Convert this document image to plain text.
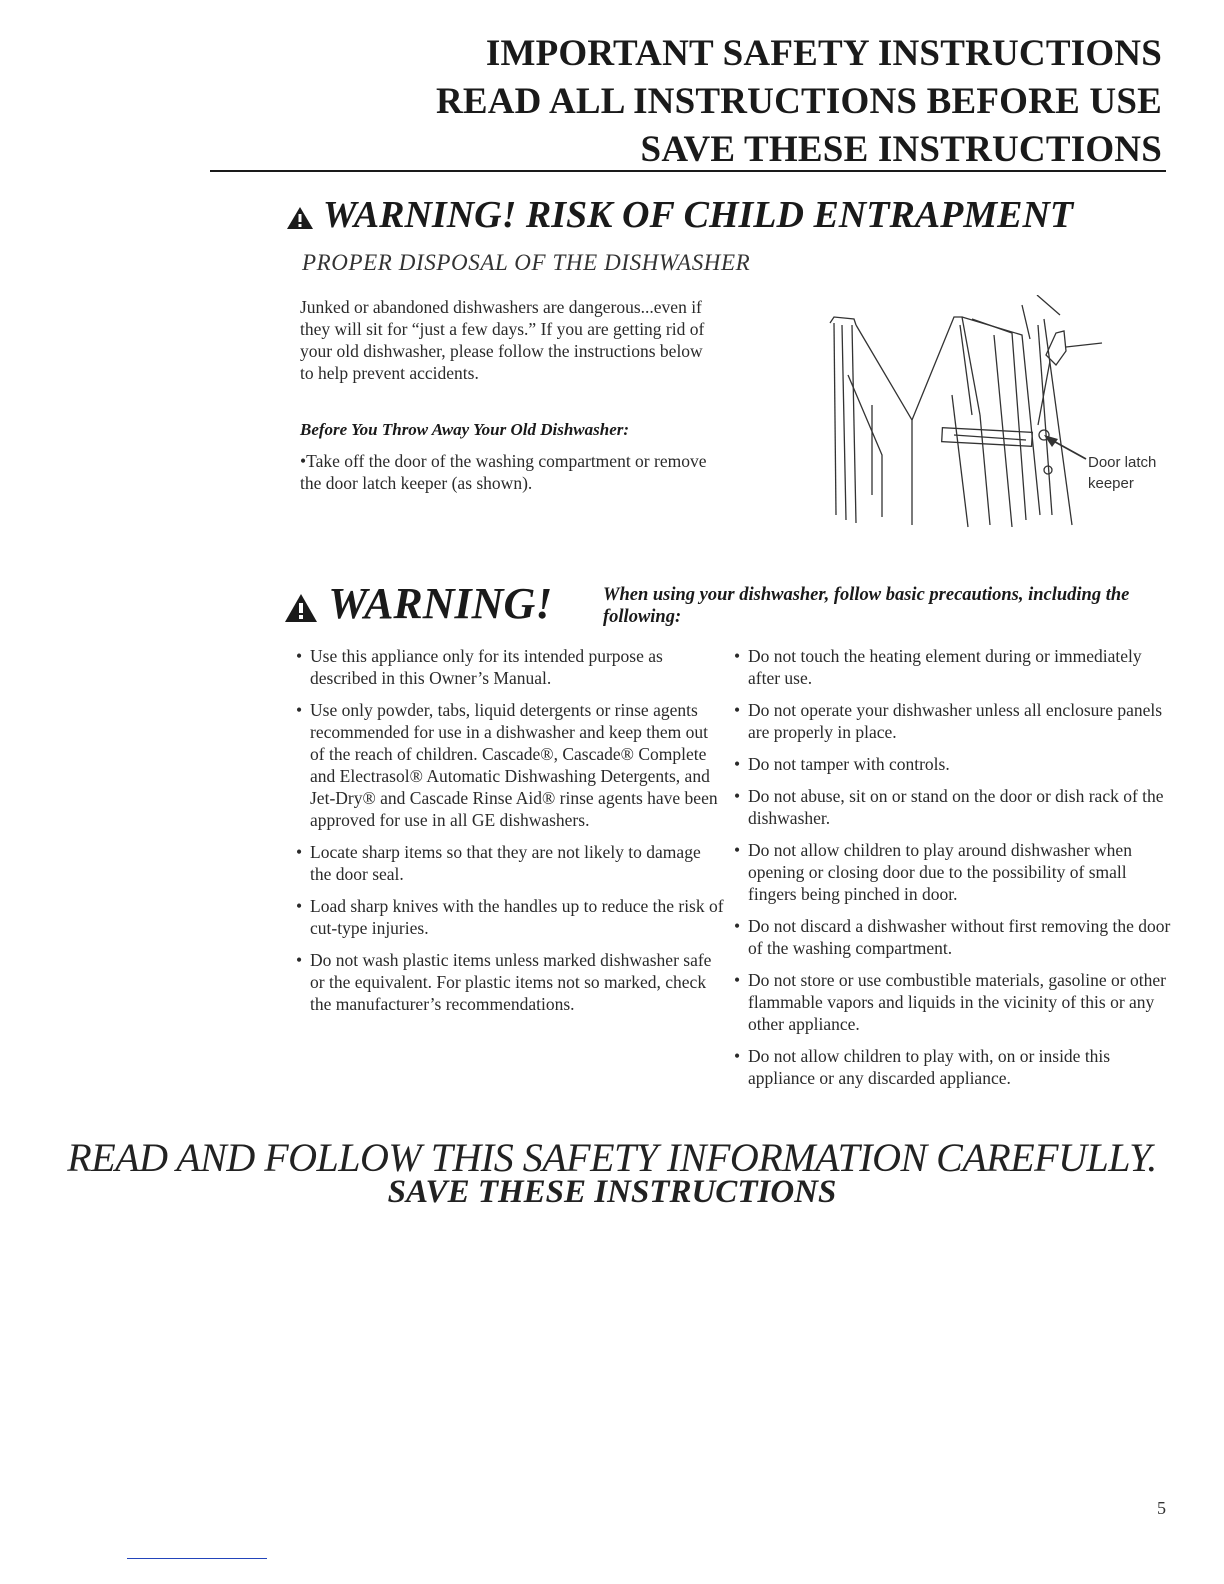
IMPORTANT SAFETY INSTRUCTIONS
READ ALL INSTRUCTIONS BEFORE USE
SAVE THESE INSTRUCTIONS
WARNING! RISK OF CHILD ENTRAPMENT
PROPER DISPOSAL OF THE DISHWASHER
Junked or abandoned dishwashers are dangerous...even if they will sit for “just a few days.” If you are getting rid of your old dishwasher, please follow the instructions below to help prevent accidents.
Before You Throw Away Your Old Dishwasher:
•Take off the door of the washing compartment or remove the door latch keeper (as shown).
Door latch keeper
WARNING!	When using your dishwasher, follow basic precautions, including the following:
• Use this appliance only for its intended purpose as described in this Owner’s Manual.
• Use only powder, tabs, liquid detergents or rinse agents recommended for use in a dishwasher and keep them out of the reach of children. Cascade®, Cascade® Complete and Electrasol® Automatic Dishwashing Detergents, and Jet-Dry® and Cascade Rinse Aid® rinse agents have been approved for use in all GE dishwashers.
• Locate sharp items so that they are not likely to damage the door seal.
• Load sharp knives with the handles up to reduce the risk of cut-type injuries.
• Do not wash plastic items unless marked dishwasher safe or the equivalent. For plastic items not so marked, check the manufacturer’s recommendations.
• Do not touch the heating element during or immediately after use.
• Do not operate your dishwasher unless all enclosure panels are properly in place.
• Do not tamper with controls.
• Do not abuse, sit on or stand on the door or dish rack of the dishwasher.
• Do not allow children to play around dishwasher when opening or closing door due to the possibility of small fingers being pinched in door.
• Do not discard a dishwasher without first removing the door of the washing compartment.
• Do not store or use combustible materials, gasoline or other flammable vapors and liquids in the vicinity of this or any other appliance.
• Do not allow children to play with, on or inside this appliance or any discarded appliance.
READ AND FOLLOW THIS SAFETY INFORMATION CAREFULLY.
SAVE THESE INSTRUCTIONS
5
